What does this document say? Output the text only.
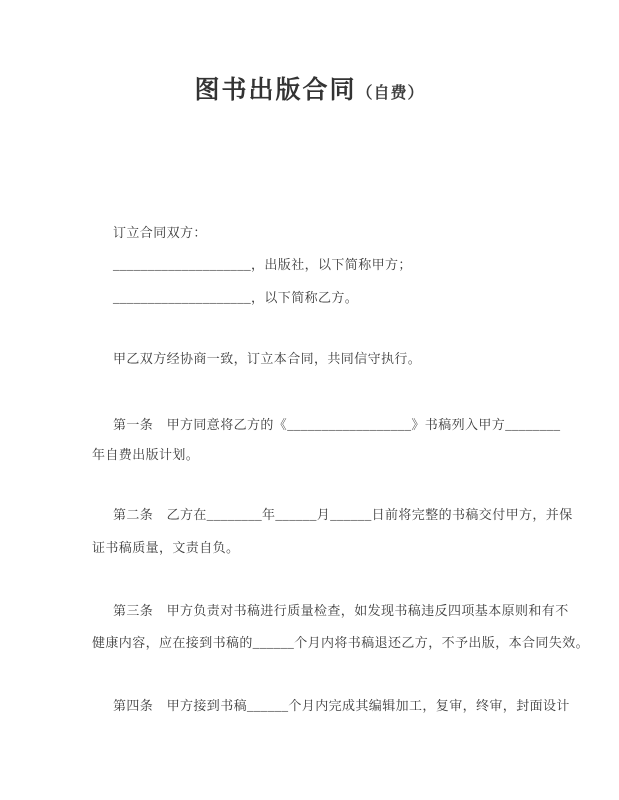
图书出版合同（自费）
订立合同双方：
____________________，出版社，以下简称甲方；
____________________，以下简称乙方。
甲乙双方经协商一致，订立本合同，共同信守执行。
第一条　甲方同意将乙方的《__________________》书稿列入甲方________
年自费出版计划。
第二条　乙方在________年______月______日前将完整的书稿交付甲方，并保
证书稿质量，文责自负。
第三条　甲方负责对书稿进行质量检查，如发现书稿违反四项基本原则和有不
健康内容，应在接到书稿的______个月内将书稿退还乙方，不予出版，本合同失效。
第四条　甲方接到书稿______个月内完成其编辑加工，复审，终审，封面设计
